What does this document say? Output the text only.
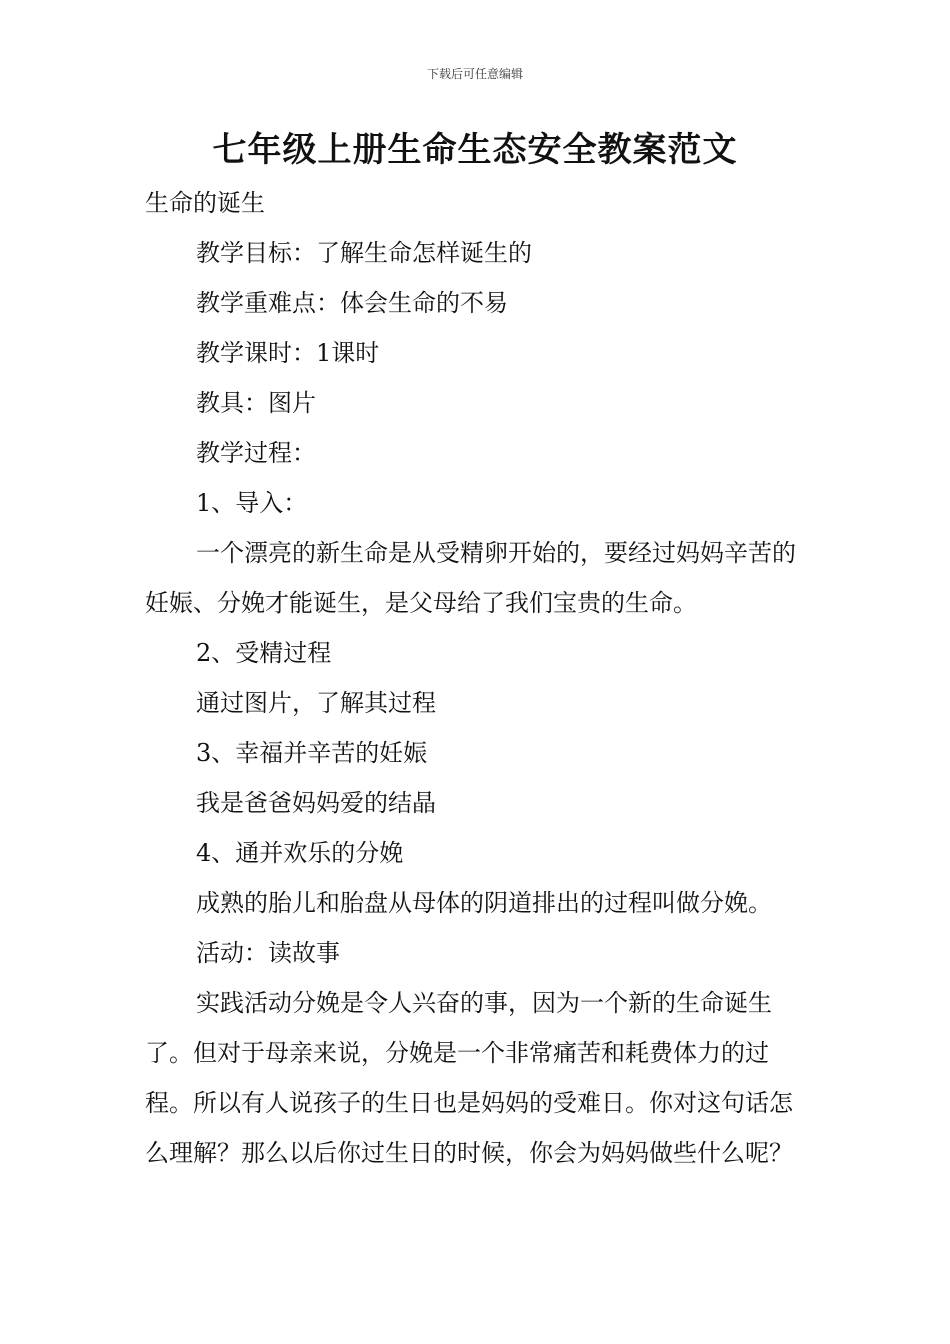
下载后可任意编辑
七年级上册生命生态安全教案范文

生命的诞生

教学目标：了解生命怎样诞生的

教学重难点：体会生命的不易

教学课时：1课时

教具：图片

教学过程：

1、导入：

一个漂亮的新生命是从受精卵开始的，要经过妈妈辛苦的妊娠、分娩才能诞生，是父母给了我们宝贵的生命。

2、受精过程

通过图片，了解其过程

3、幸福并辛苦的妊娠

我是爸爸妈妈爱的结晶

4、通并欢乐的分娩

成熟的胎儿和胎盘从母体的阴道排出的过程叫做分娩。

活动：读故事

实践活动分娩是令人兴奋的事，因为一个新的生命诞生了。但对于母亲来说，分娩是一个非常痛苦和耗费体力的过程。所以有人说孩子的生日也是妈妈的受难日。你对这句话怎么理解？那么以后你过生日的时候，你会为妈妈做些什么呢？
